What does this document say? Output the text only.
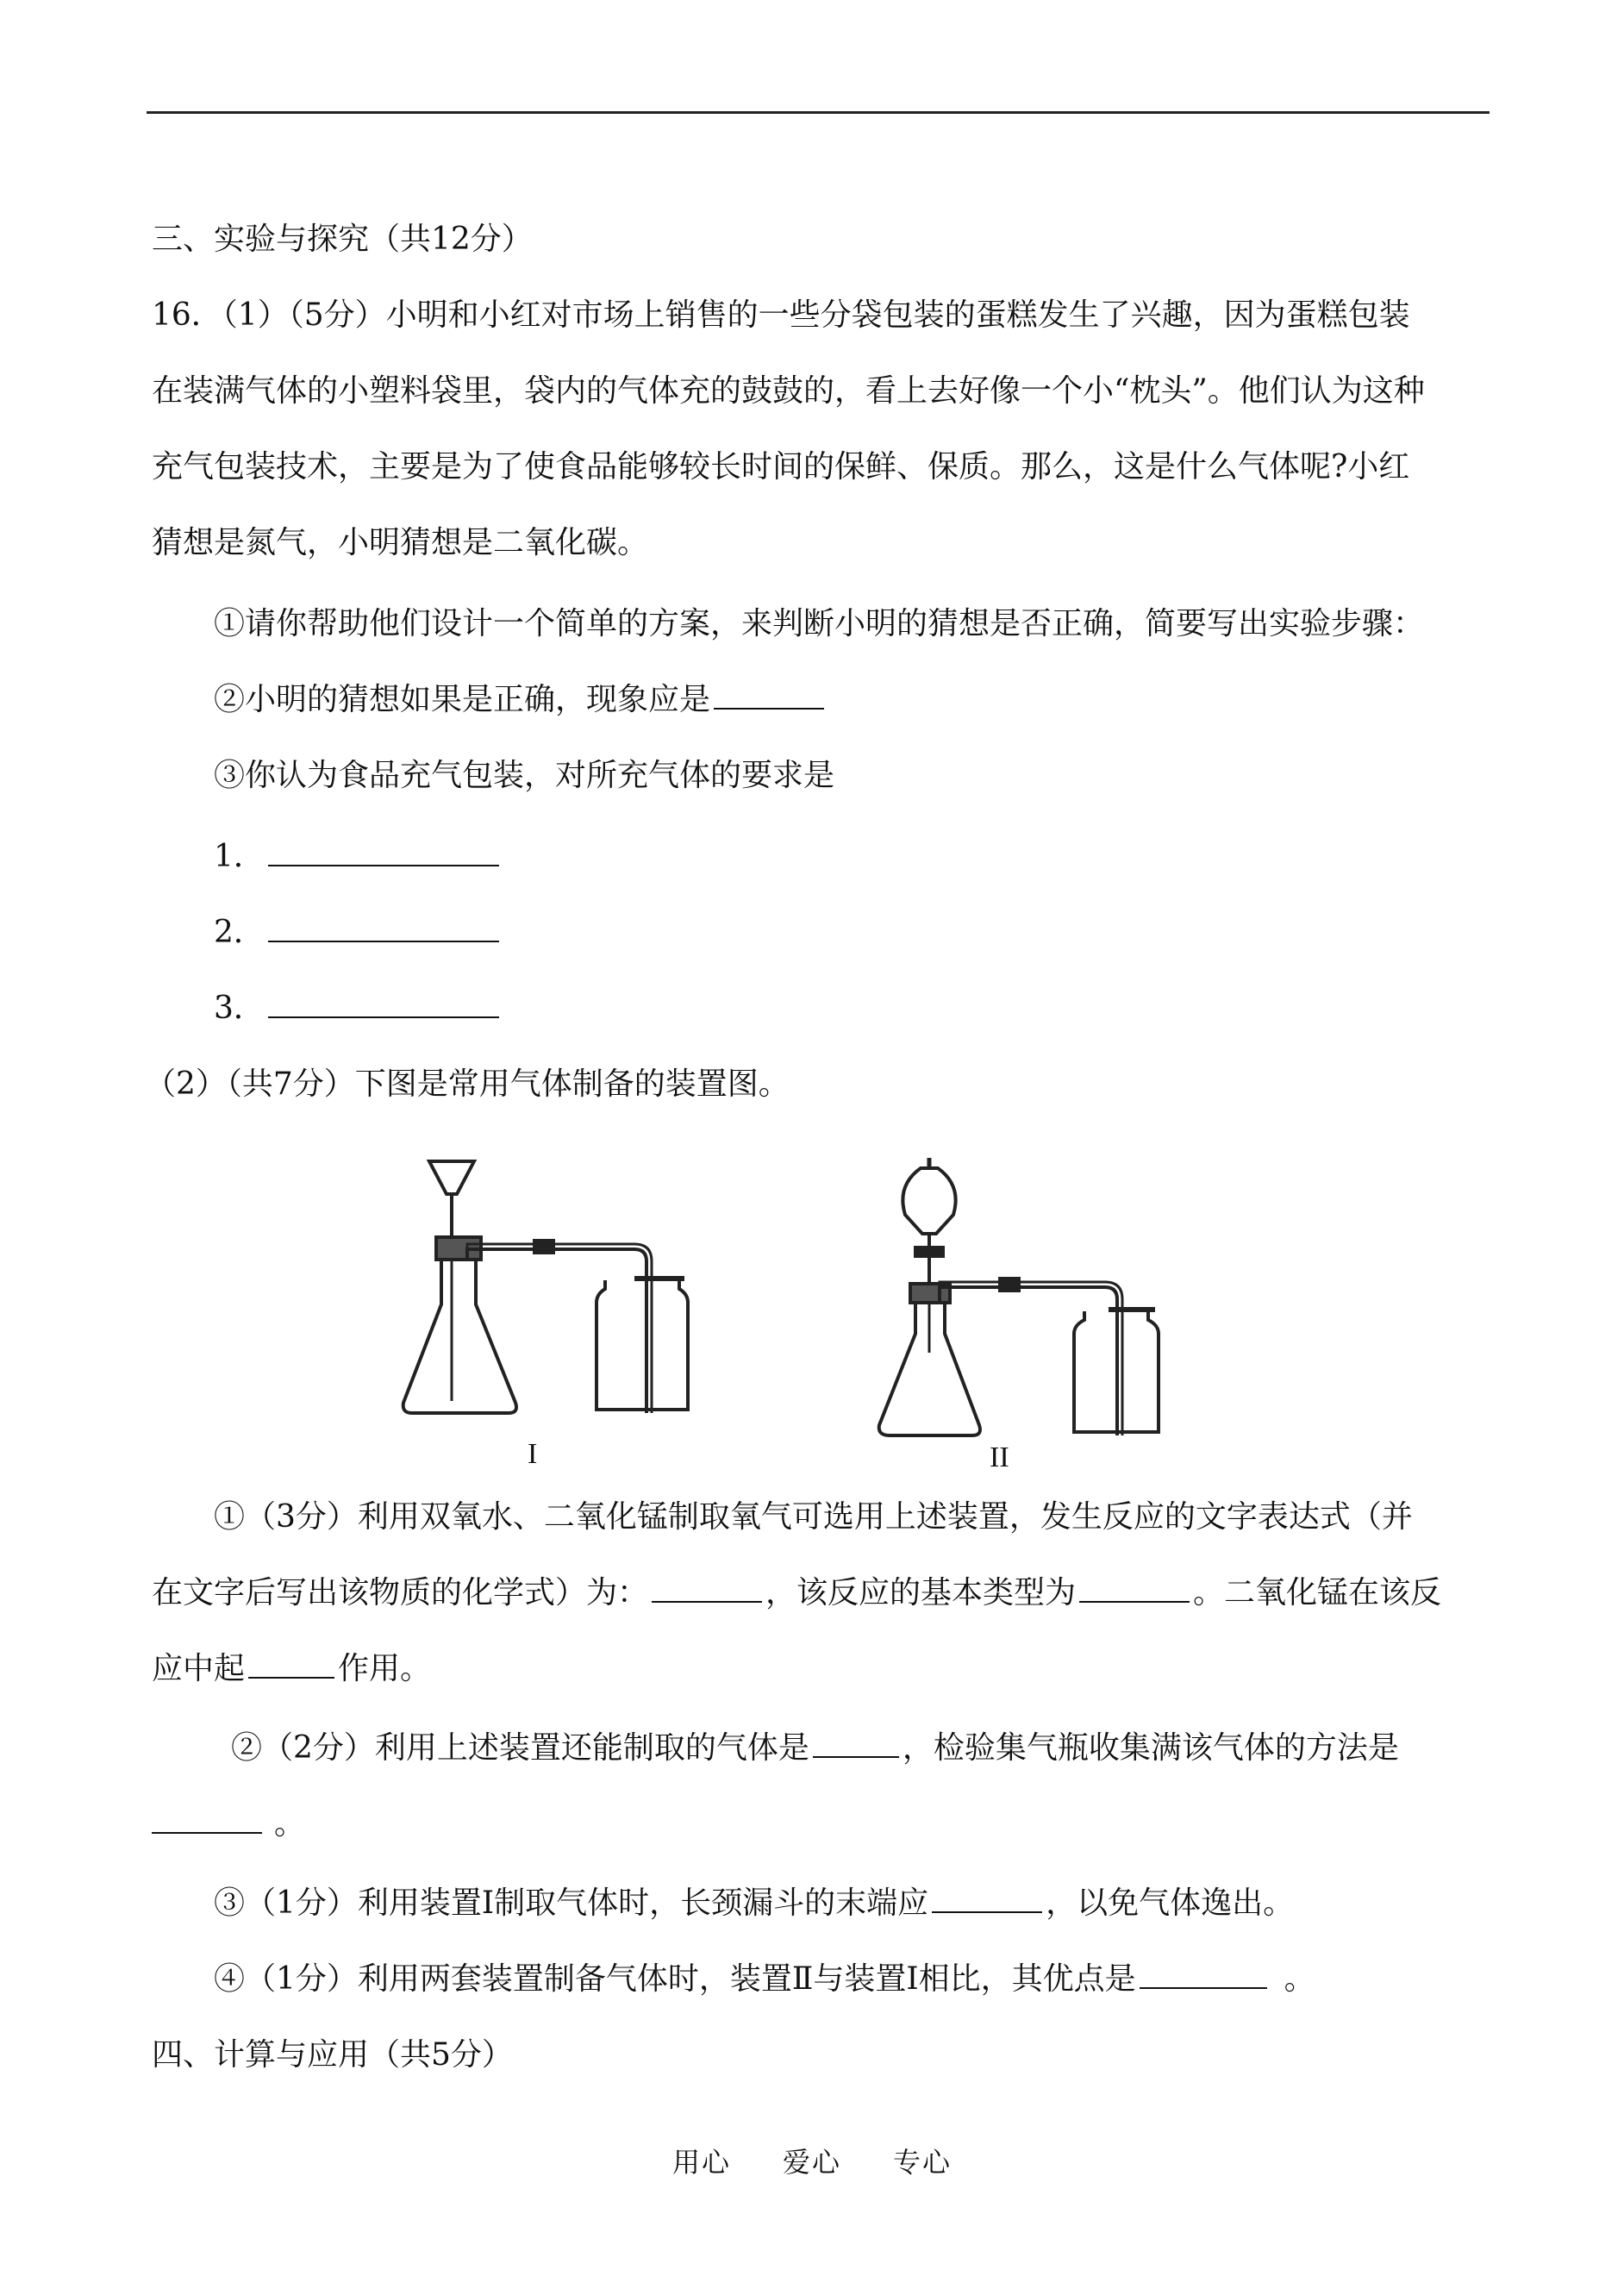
三、实验与探究（共12分）
16．（1）（5分）小明和小红对市场上销售的一些分袋包装的蛋糕发生了兴趣，因为蛋糕包装
在装满气体的小塑料袋里，袋内的气体充的鼓鼓的，看上去好像一个小“枕头”。他们认为这种
充气包装技术，主要是为了使食品能够较长时间的保鲜、保质。那么，这是什么气体呢?小红
猜想是氮气，小明猜想是二氧化碳。
①请你帮助他们设计一个简单的方案，来判断小明的猜想是否正确，简要写出实验步骤：
②小明的猜想如果是正确，现象应是
③你认为食品充气包装，对所充气体的要求是
1．
2．
3．
（2）（共7分）下图是常用气体制备的装置图。
I	II
①（3分）利用双氧水、二氧化锰制取氧气可选用上述装置，发生反应的文字表达式（并
在文字后写出该物质的化学式）为：	，该反应的基本类型为	。二氧化锰在该反
应中起	作用。
②（2分）利用上述装置还能制取的气体是	，检验集气瓶收集满该气体的方法是
。
③（1分）利用装置I制取气体时，长颈漏斗的末端应	，以免气体逸出。
④（1分）利用两套装置制备气体时，装置Ⅱ与装置I相比，其优点是	。
四、计算与应用（共5分）
用心 爱心 专心
